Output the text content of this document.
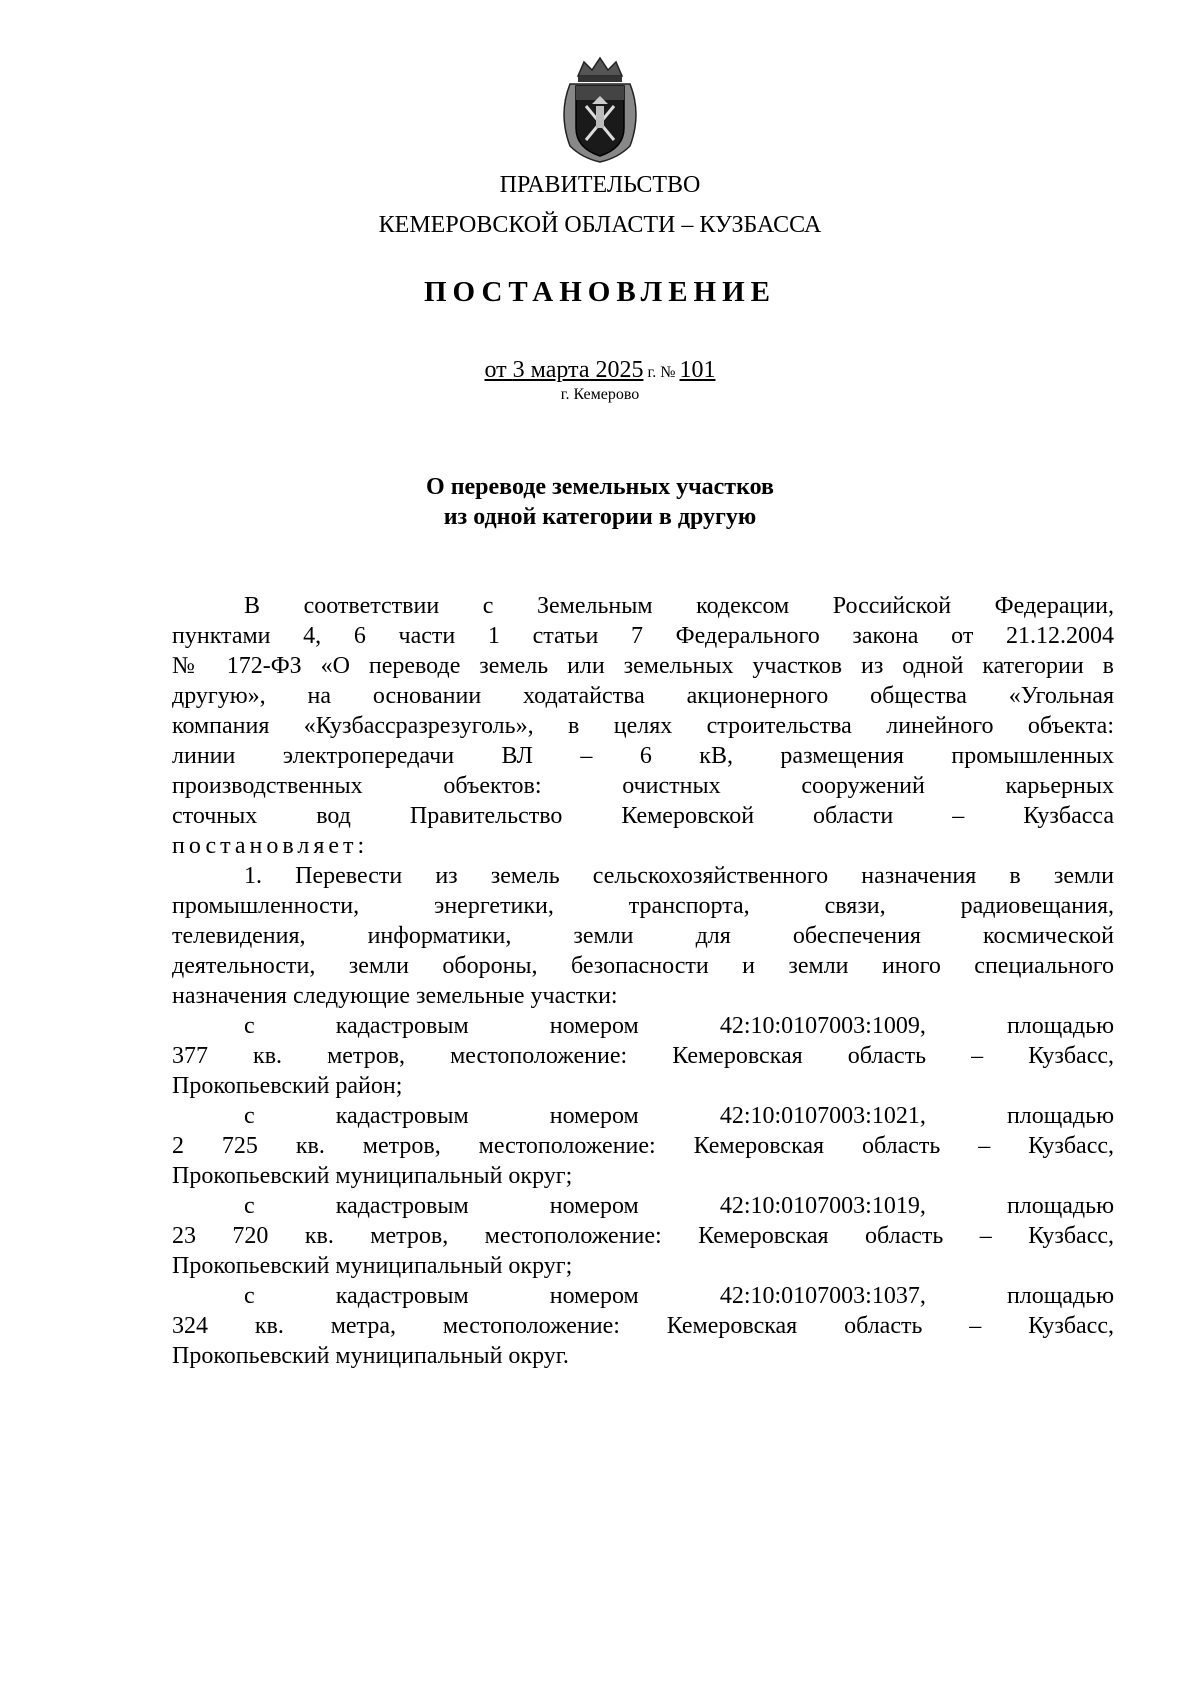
ПРАВИТЕЛЬСТВО
КЕМЕРОВСКОЙ ОБЛАСТИ – КУЗБАССА
ПОСТАНОВЛЕНИЕ
от 3 марта 2025 г. № 101
г. Кемерово
О переводе земельных участков
из одной категории в другую

В соответствии с Земельным кодексом Российской Федерации,

пунктами 4, 6 части 1 статьи 7 Федерального закона от 21.12.2004

№ 172-ФЗ «О переводе земель или земельных участков из одной категории в

другую», на основании ходатайства акционерного общества «Угольная

компания «Кузбассразрезуголь», в целях строительства линейного объекта:

линии электропередачи ВЛ – 6 кВ, размещения промышленных

производственных объектов: очистных сооружений карьерных

сточных вод Правительство Кемеровской области – Кузбасса

постановляет:

1. Перевести из земель сельскохозяйственного назначения в земли

промышленности, энергетики, транспорта, связи, радиовещания,

телевидения, информатики, земли для обеспечения космической

деятельности, земли обороны, безопасности и земли иного специального

назначения следующие земельные участки:

с кадастровым номером 42:10:0107003:1009, площадью

377 кв. метров, местоположение: Кемеровская область – Кузбасс,

Прокопьевский район;

с кадастровым номером 42:10:0107003:1021, площадью

2 725 кв. метров, местоположение: Кемеровская область – Кузбасс,

Прокопьевский муниципальный округ;

с кадастровым номером 42:10:0107003:1019, площадью

23 720 кв. метров, местоположение: Кемеровская область – Кузбасс,

Прокопьевский муниципальный округ;

с кадастровым номером 42:10:0107003:1037, площадью

324 кв. метра, местоположение: Кемеровская область – Кузбасс,

Прокопьевский муниципальный округ.
